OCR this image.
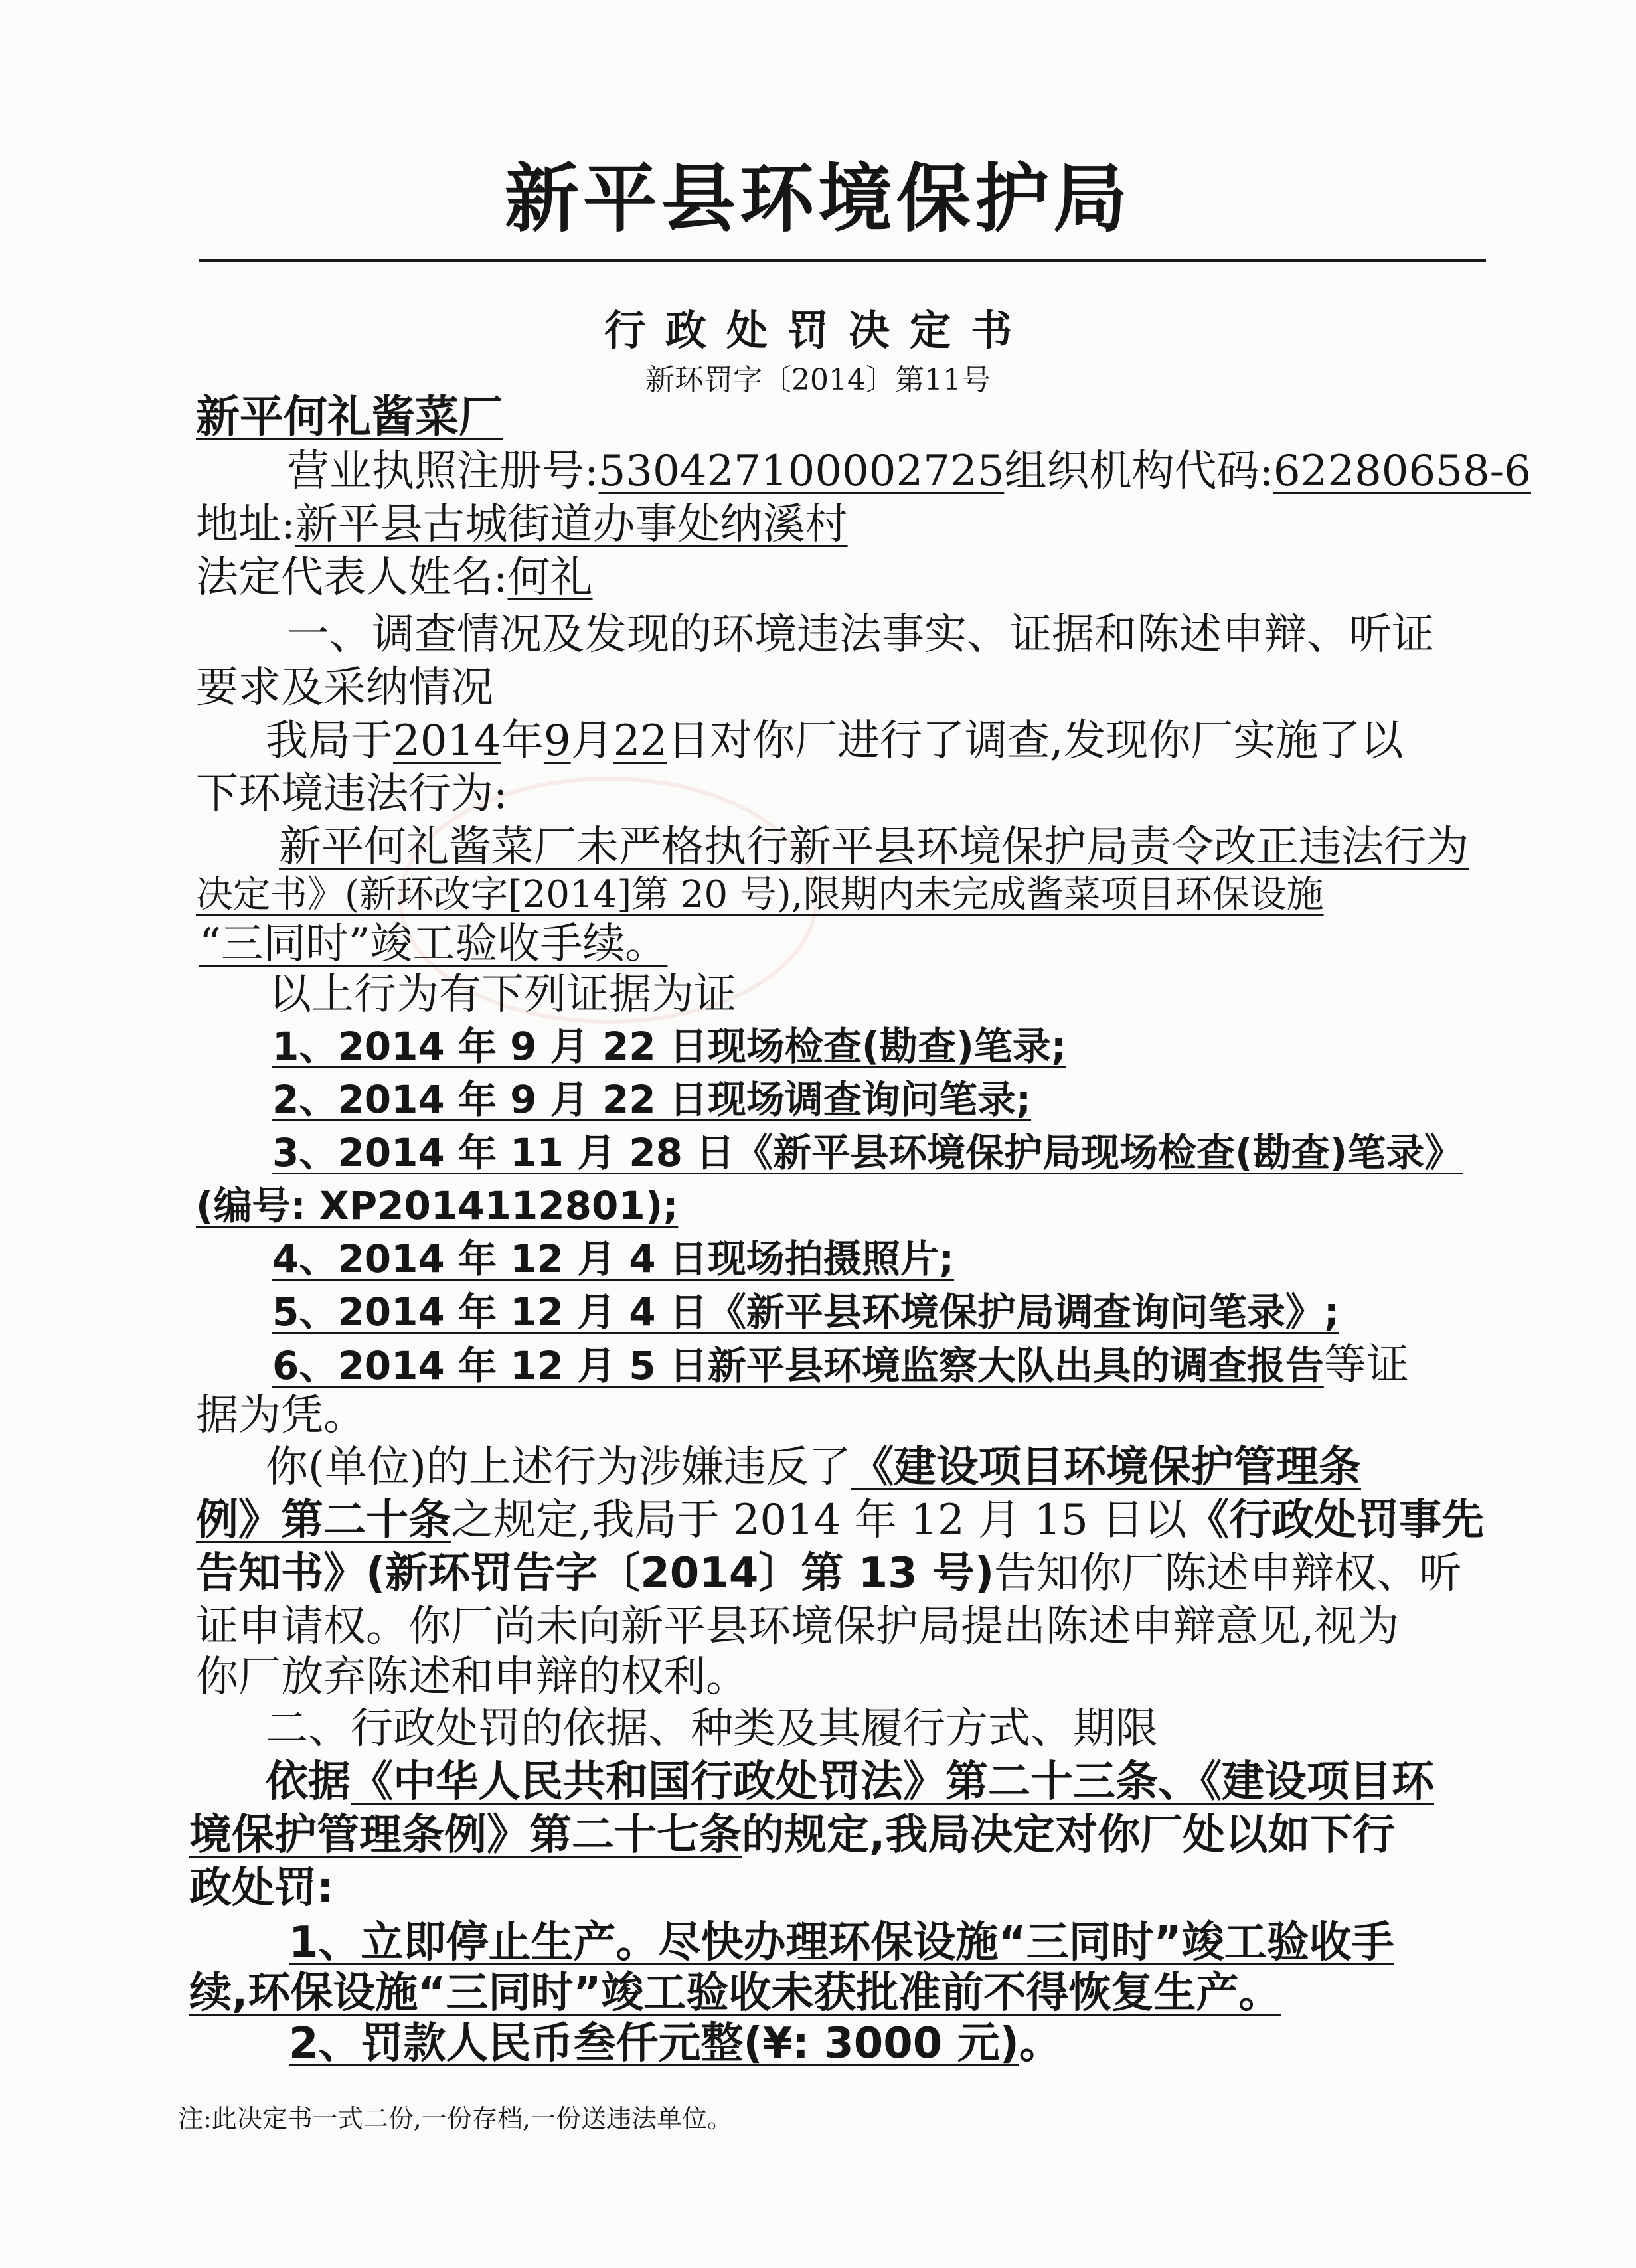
新平县环境保护局
行政处罚决定书
新环罚字〔2014〕第11号
新平何礼酱菜厂
营业执照注册号:530427100002725组织机构代码:62280658-6
地址:新平县古城街道办事处纳溪村
法定代表人姓名:何礼
一、调查情况及发现的环境违法事实、证据和陈述申辩、听证
要求及采纳情况
我局于2014年9月22日对你厂进行了调查,发现你厂实施了以
下环境违法行为:
新平何礼酱菜厂未严格执行新平县环境保护局责令改正违法行为
决定书》(新环改字[2014]第 20 号),限期内未完成酱菜项目环保设施
“三同时”竣工验收手续。
以上行为有下列证据为证
1、2014 年 9 月 22 日现场检查(勘查)笔录;
2、2014 年 9 月 22 日现场调查询问笔录;
3、2014 年 11 月 28 日《新平县环境保护局现场检查(勘查)笔录》
(编号: XP2014112801);
4、2014 年 12 月 4 日现场拍摄照片;
5、2014 年 12 月 4 日《新平县环境保护局调查询问笔录》;
6、2014 年 12 月 5 日新平县环境监察大队出具的调查报告等证
据为凭。
你(单位)的上述行为涉嫌违反了《建设项目环境保护管理条
例》第二十条之规定,我局于 2014 年 12 月 15 日以《行政处罚事先
告知书》(新环罚告字〔2014〕第 13 号)告知你厂陈述申辩权、听
证申请权。你厂尚未向新平县环境保护局提出陈述申辩意见,视为
你厂放弃陈述和申辩的权利。
二、行政处罚的依据、种类及其履行方式、期限
依据《中华人民共和国行政处罚法》第二十三条、《建设项目环
境保护管理条例》第二十七条的规定,我局决定对你厂处以如下行
政处罚:
1、立即停止生产。尽快办理环保设施“三同时”竣工验收手
续,环保设施“三同时”竣工验收未获批准前不得恢复生产。
2、罚款人民币叁仟元整(¥: 3000 元)。
注:此决定书一式二份,一份存档,一份送违法单位。
